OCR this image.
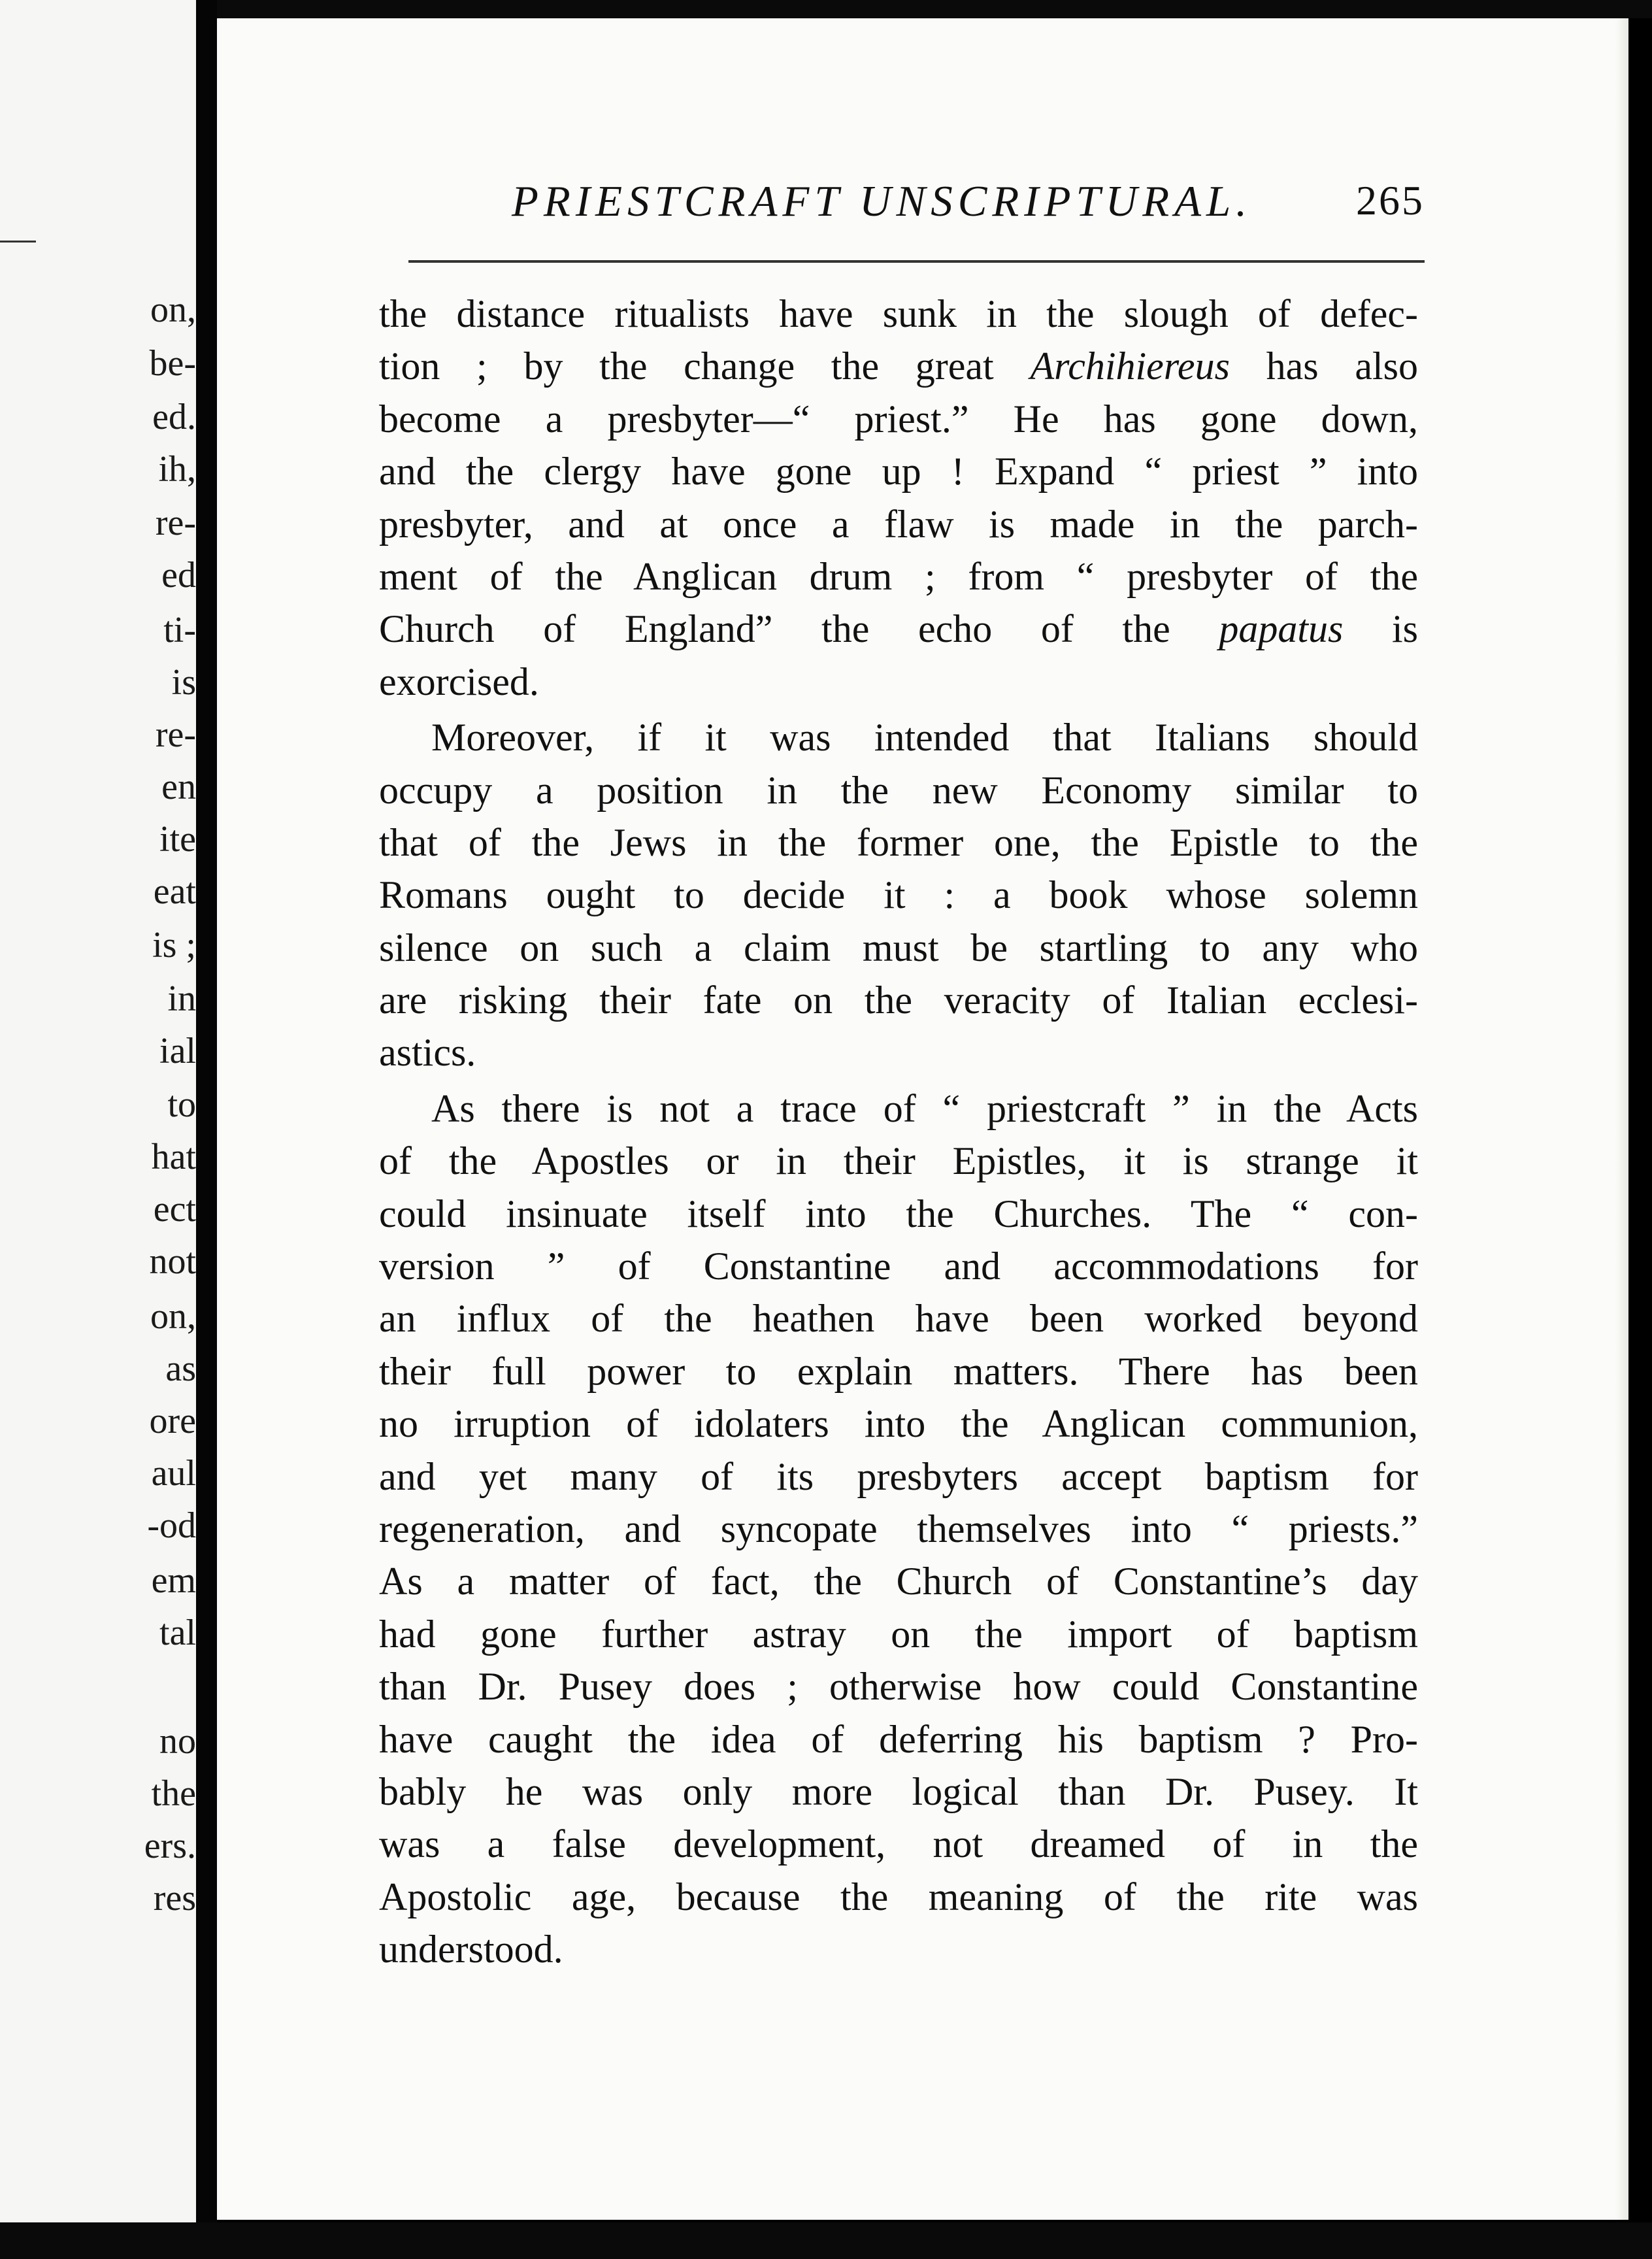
on,

be-

ed.

ih,

re-

ed

ti-

is

re-

en

ite

eat

is ;

in

ial

to

hat

ect

not

on,

as

ore

aul

-od

em

tal

no

the

ers.

res

PRIESTCRAFT UNSCRIPTURAL. 265
the distance ritualists have sunk in the slough of defec-
tion ; by the change the great Archihiereus has also
become a presbyter—“ priest.” He has gone down,
and the clergy have gone up ! Expand “ priest ” into
presbyter, and at once a flaw is made in the parch-
ment of the Anglican drum ; from “ presbyter of the
Church of England” the echo of the papatus is
exorcised.
Moreover, if it was intended that Italians should
occupy a position in the new Economy similar to
that of the Jews in the former one, the Epistle to the
Romans ought to decide it : a book whose solemn
silence on such a claim must be startling to any who
are risking their fate on the veracity of Italian ecclesi-
astics.
As there is not a trace of “ priestcraft ” in the Acts
of the Apostles or in their Epistles, it is strange it
could insinuate itself into the Churches. The “ con-
version ” of Constantine and accommodations for
an influx of the heathen have been worked beyond
their full power to explain matters. There has been
no irruption of idolaters into the Anglican communion,
and yet many of its presbyters accept baptism for
regeneration, and syncopate themselves into “ priests.”
As a matter of fact, the Church of Constantine’s day
had gone further astray on the import of baptism
than Dr. Pusey does ; otherwise how could Constantine
have caught the idea of deferring his baptism ? Pro-
bably he was only more logical than Dr. Pusey. It
was a false development, not dreamed of in the
Apostolic age, because the meaning of the rite was
understood.
